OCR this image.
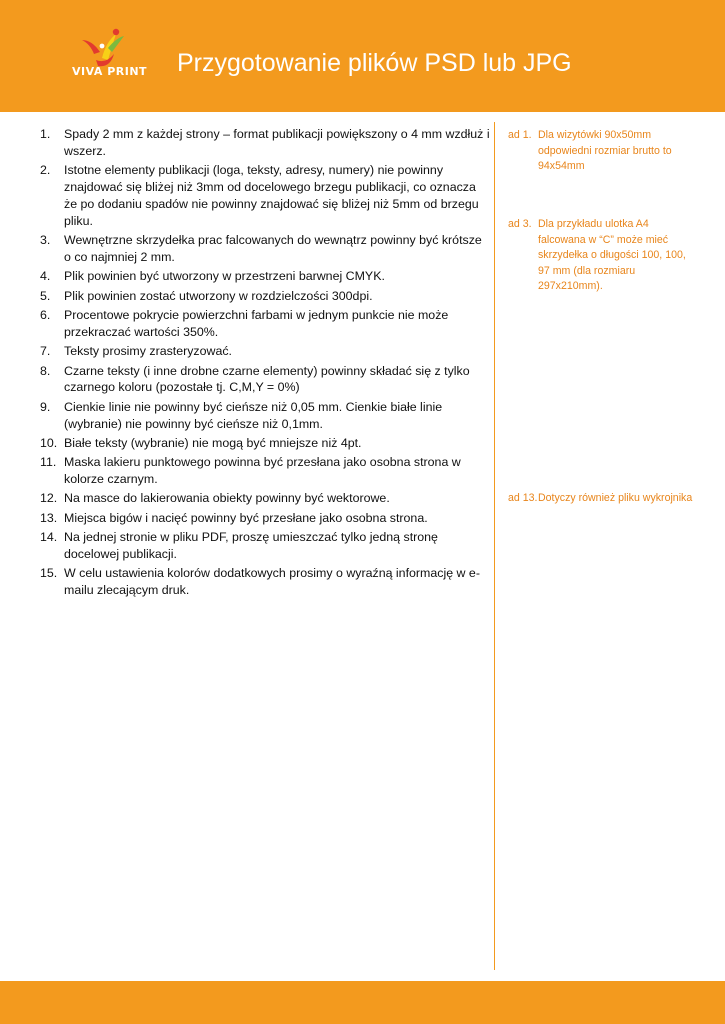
VIVA PRINT Przygotowanie plików PSD lub JPG
1. Spady 2 mm z każdej strony – format publikacji powiększony o 4 mm wzdłuż i wszerz.
2. Istotne elementy publikacji (loga, teksty, adresy, numery) nie powinny znajdować się bliżej niż 3mm od docelowego brzegu publikacji, co oznacza że po dodaniu spadów nie powinny znajdować się bliżej niż 5mm od brzegu pliku.
3. Wewnętrzne skrzydełka prac falcowanych do wewnątrz powinny być krótsze o co najmniej 2 mm.
4. Plik powinien być utworzony w przestrzeni barwnej CMYK.
5. Plik powinien zostać utworzony w rozdzielczości 300dpi.
6. Procentowe pokrycie powierzchni farbami w jednym punkcie nie może przekraczać wartości 350%.
7. Teksty prosimy zrasteryzować.
8. Czarne teksty (i inne drobne czarne elementy) powinny składać się z tylko czarnego koloru (pozostałe tj. C,M,Y = 0%)
9. Cienkie linie nie powinny być cieńsze niż 0,05 mm. Cienkie białe linie (wybranie) nie powinny być cieńsze niż 0,1mm.
10. Białe teksty (wybranie) nie mogą być mniejsze niż 4pt.
11. Maska lakieru punktowego powinna być przesłana jako osobna strona w kolorze czarnym.
12. Na masce do lakierowania obiekty powinny być wektorowe.
13. Miejsca bigów i nacięć powinny być przesłane jako osobna strona.
14. Na jednej stronie w pliku PDF, proszę umieszczać tylko jedną stronę docelowej publikacji.
15. W celu ustawienia kolorów dodatkowych prosimy o wyraźną informację w e-mailu zlecającym druk.
ad 1. Dla wizytówki 90x50mm odpowiedni rozmiar brutto to 94x54mm
ad 3. Dla przykładu ulotka A4 falcowana w “C” może mieć skrzydełka o długości 100, 100, 97 mm (dla rozmiaru 297x210mm).
ad 13. Dotyczy również pliku wykrojnika
